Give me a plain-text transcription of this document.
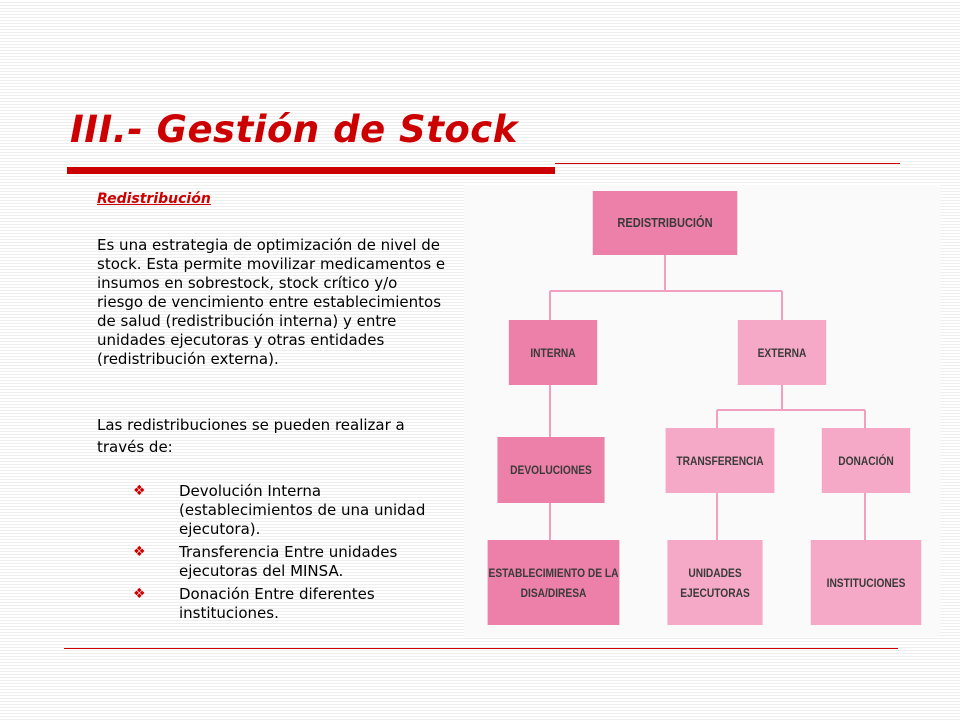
III.- Gestión de Stock
Redistribución
Es una estrategia de optimización de nivel de stock. Esta permite movilizar medicamentos e insumos en sobrestock, stock crítico y/o riesgo de vencimiento entre establecimientos de salud (redistribución interna) y entre unidades ejecutoras y otras entidades (redistribución externa).
Las redistribuciones se pueden realizar a través de:
❖ Devolución Interna (establecimientos de una unidad ejecutora).
❖ Transferencia Entre unidades ejecutoras del MINSA.
❖ Donación Entre diferentes instituciones.
REDISTRIBUCIÓN
INTERNA	EXTERNA
DEVOLUCIONES
TRANSFERENCIA	DONACIÓN
ESTABLECIMIENTO DE LA DISA/DIRESA
UNIDADES EJECUTORAS
INSTITUCIONES
